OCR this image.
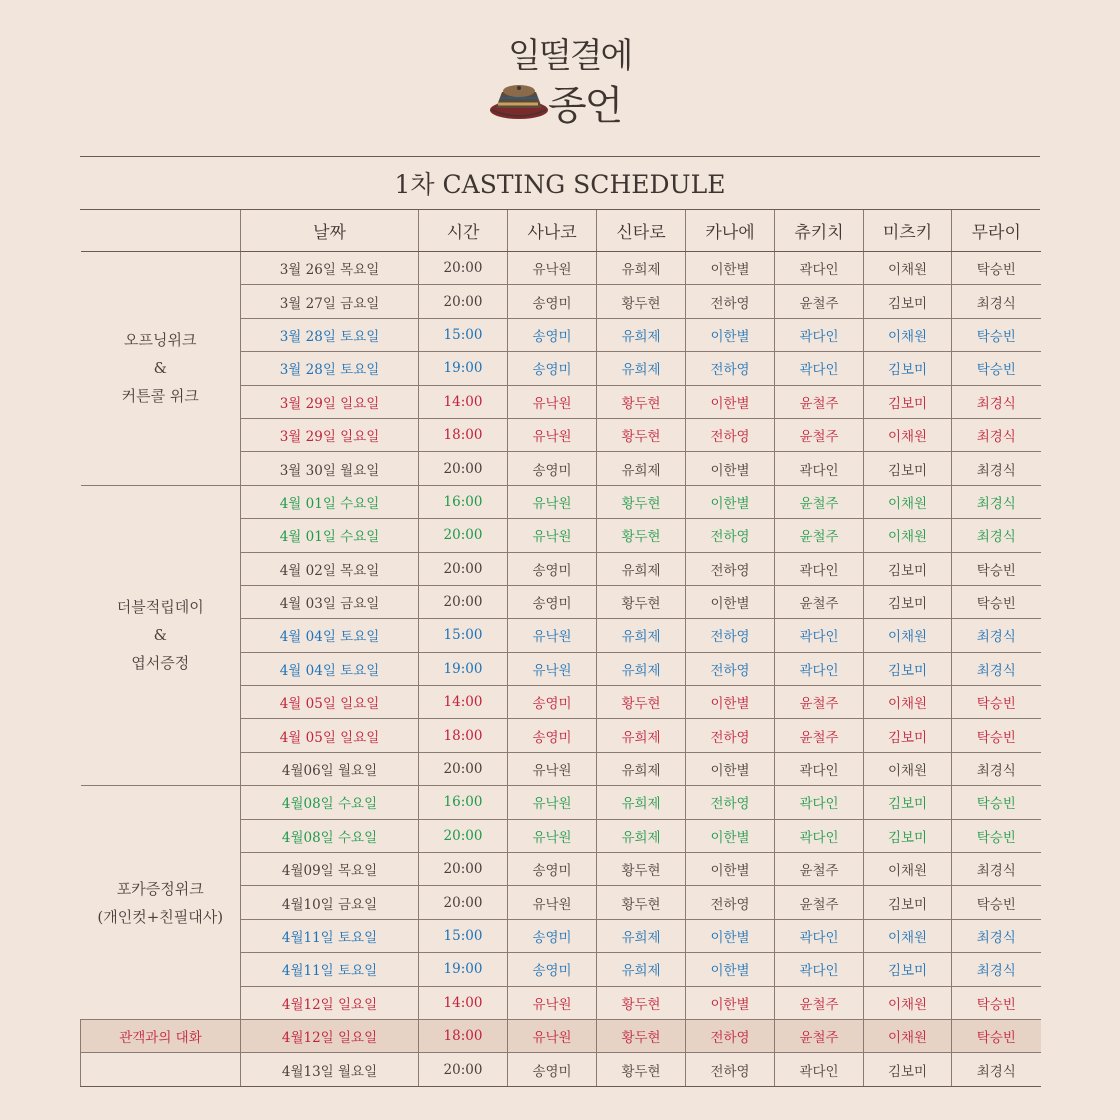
일떨결에
종언
1차 CASTING SCHEDULE
	날짜	시간	사나코	신타로	카나에	츄키치	미츠키	무라이

오프닝위크
&
커튼콜 위크	3월 26일 목요일	20:00	유낙원	유희제	이한별	곽다인	이채원	탁승빈
	3월 27일 금요일	20:00	송영미	황두현	전하영	윤철주	김보미	최경식
	3월 28일 토요일	15:00	송영미	유희제	이한별	곽다인	이채원	탁승빈
	3월 28일 토요일	19:00	송영미	유희제	전하영	곽다인	김보미	탁승빈
	3월 29일 일요일	14:00	유낙원	황두현	이한별	윤철주	김보미	최경식
	3월 29일 일요일	18:00	유낙원	황두현	전하영	윤철주	이채원	최경식
	3월 30일 월요일	20:00	송영미	유희제	이한별	곽다인	김보미	최경식

더블적립데이
&
엽서증정	4월 01일 수요일	16:00	유낙원	황두현	이한별	윤철주	이채원	최경식
	4월 01일 수요일	20:00	유낙원	황두현	전하영	윤철주	이채원	최경식
	4월 02일 목요일	20:00	송영미	유희제	전하영	곽다인	김보미	탁승빈
	4월 03일 금요일	20:00	송영미	황두현	이한별	윤철주	김보미	탁승빈
	4월 04일 토요일	15:00	유낙원	유희제	전하영	곽다인	이채원	최경식
	4월 04일 토요일	19:00	유낙원	유희제	전하영	곽다인	김보미	최경식
	4월 05일 일요일	14:00	송영미	황두현	이한별	윤철주	이채원	탁승빈
	4월 05일 일요일	18:00	송영미	유희제	전하영	윤철주	김보미	탁승빈
	4월06일 월요일	20:00	유낙원	유희제	이한별	곽다인	이채원	최경식

포카증정위크
(개인컷+친필대사)	4월08일 수요일	16:00	유낙원	유희제	전하영	곽다인	김보미	탁승빈
	4월08일 수요일	20:00	유낙원	유희제	이한별	곽다인	김보미	탁승빈
	4월09일 목요일	20:00	송영미	황두현	이한별	윤철주	이채원	최경식
	4월10일 금요일	20:00	유낙원	황두현	전하영	윤철주	김보미	탁승빈
	4월11일 토요일	15:00	송영미	유희제	이한별	곽다인	이채원	최경식
	4월11일 토요일	19:00	송영미	유희제	이한별	곽다인	김보미	최경식
	4월12일 일요일	14:00	유낙원	황두현	이한별	윤철주	이채원	탁승빈
관객과의 대화	4월12일 일요일	18:00	유낙원	황두현	전하영	윤철주	이채원	탁승빈
	4월13일 월요일	20:00	송영미	황두현	전하영	곽다인	김보미	최경식
